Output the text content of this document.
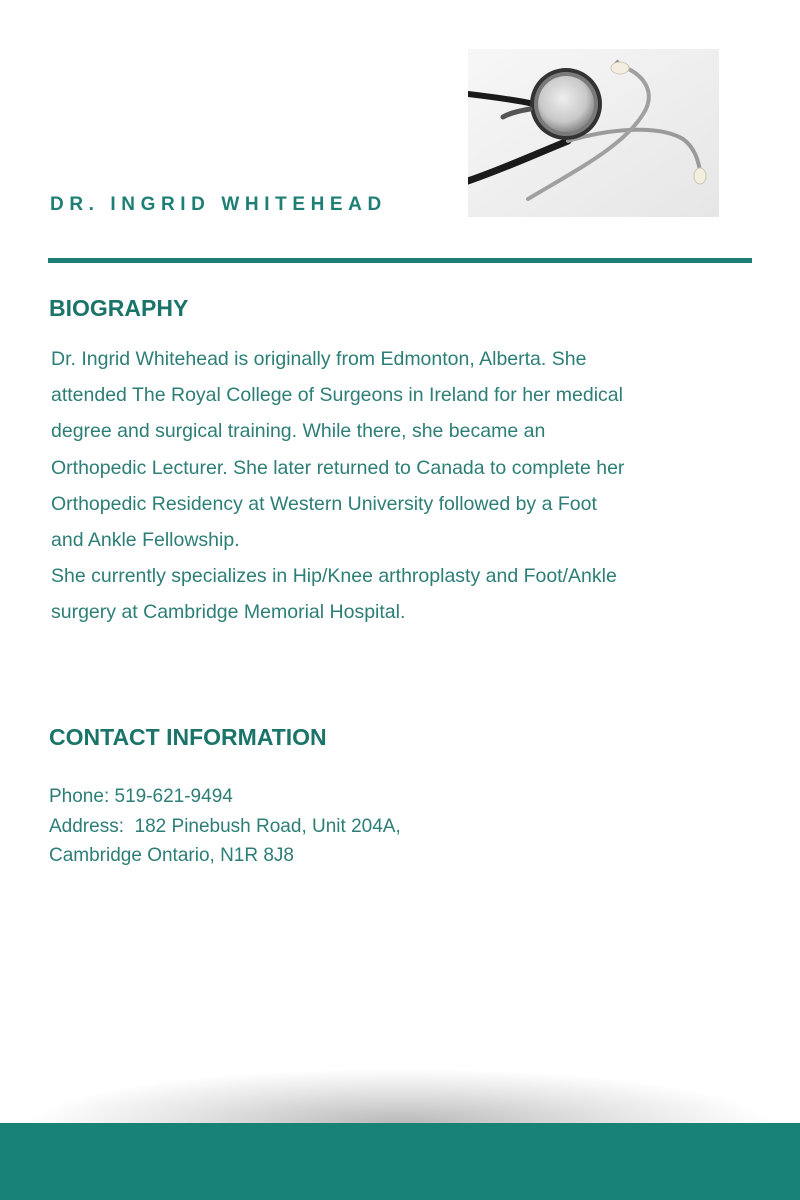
DR. INGRID WHITEHEAD
BIOGRAPHY
Dr. Ingrid Whitehead is originally from Edmonton, Alberta. She
attended The Royal College of Surgeons in Ireland for her medical
degree and surgical training. While there, she became an
Orthopedic Lecturer. She later returned to Canada to complete her
Orthopedic Residency at Western University followed by a Foot
and Ankle Fellowship.
She currently specializes in Hip/Knee arthroplasty and Foot/Ankle
surgery at Cambridge Memorial Hospital.
CONTACT INFORMATION
Phone: 519-621-9494
Address:  182 Pinebush Road, Unit 204A,
Cambridge Ontario, N1R 8J8
